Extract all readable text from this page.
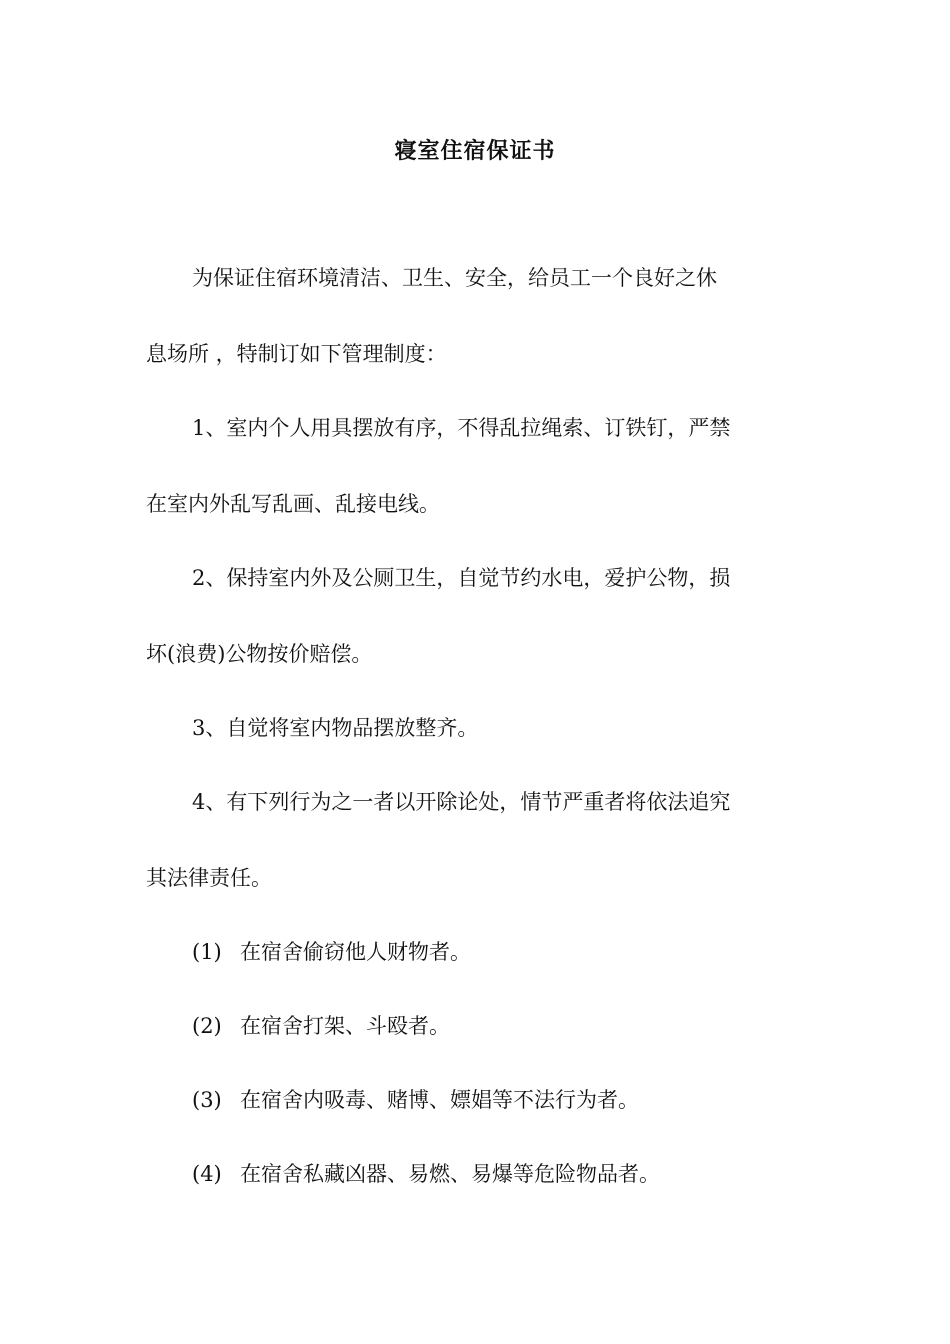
寝室住宿保证书
为保证住宿环境清洁、卫生、安全，给员工一个良好之休
息场所 ，特制订如下管理制度：
1、室内个人用具摆放有序，不得乱拉绳索、订铁钉，严禁
在室内外乱写乱画、乱接电线。
2、保持室内外及公厕卫生，自觉节约水电，爱护公物，损
坏(浪费)公物按价赔偿。
3、自觉将室内物品摆放整齐。
4、有下列行为之一者以开除论处，情节严重者将依法追究
其法律责任。
(1) 在宿舍偷窃他人财物者。
(2) 在宿舍打架、斗殴者。
(3) 在宿舍内吸毒、赌博、嫖娼等不法行为者。
(4) 在宿舍私藏凶器、易燃、易爆等危险物品者。
